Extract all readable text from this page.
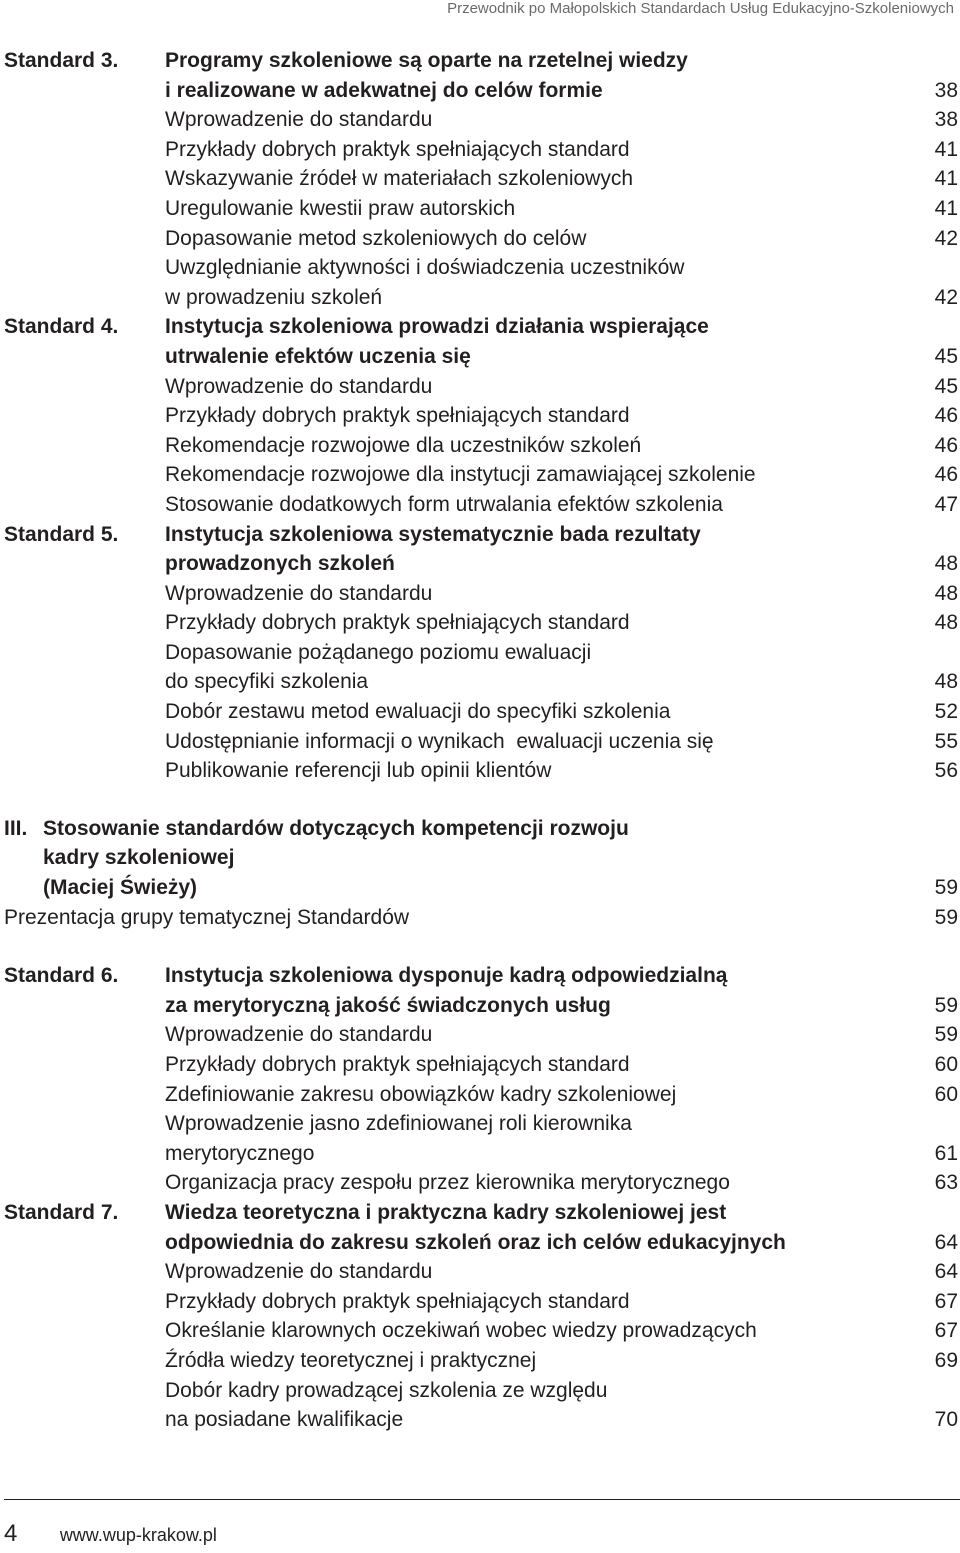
Przewodnik po Małopolskich Standardach Usług Edukacyjno-Szkoleniowych
Standard 3. Programy szkoleniowe są oparte na rzetelnej wiedzy
i realizowane w adekwatnej do celów formie	38
Wprowadzenie do standardu	38
Przykłady dobrych praktyk spełniających standard	41
Wskazywanie źródeł w materiałach szkoleniowych	41
Uregulowanie kwestii praw autorskich	41
Dopasowanie metod szkoleniowych do celów	42
Uwzględnianie aktywności i doświadczenia uczestników
w prowadzeniu szkoleń	42
Standard 4. Instytucja szkoleniowa prowadzi działania wspierające
utrwalenie efektów uczenia się	45
Wprowadzenie do standardu	45
Przykłady dobrych praktyk spełniających standard	46
Rekomendacje rozwojowe dla uczestników szkoleń	46
Rekomendacje rozwojowe dla instytucji zamawiającej szkolenie	46
Stosowanie dodatkowych form utrwalania efektów szkolenia	47
Standard 5. Instytucja szkoleniowa systematycznie bada rezultaty
prowadzonych szkoleń	48
Wprowadzenie do standardu	48
Przykłady dobrych praktyk spełniających standard	48
Dopasowanie pożądanego poziomu ewaluacji
do specyfiki szkolenia	48
Dobór zestawu metod ewaluacji do specyfiki szkolenia	52
Udostępnianie informacji o wynikach  ewaluacji uczenia się	55
Publikowanie referencji lub opinii klientów	56
III. Stosowanie standardów dotyczących kompetencji rozwoju
kadry szkoleniowej
(Maciej Świeży)	59
Prezentacja grupy tematycznej Standardów	59
Standard 6. Instytucja szkoleniowa dysponuje kadrą odpowiedzialną
za merytoryczną jakość świadczonych usług	59
Wprowadzenie do standardu	59
Przykłady dobrych praktyk spełniających standard	60
Zdefiniowanie zakresu obowiązków kadry szkoleniowej	60
Wprowadzenie jasno zdefiniowanej roli kierownika
merytorycznego	61
Organizacja pracy zespołu przez kierownika merytorycznego	63
Standard 7. Wiedza teoretyczna i praktyczna kadry szkoleniowej jest
odpowiednia do zakresu szkoleń oraz ich celów edukacyjnych	64
Wprowadzenie do standardu	64
Przykłady dobrych praktyk spełniających standard	67
Określanie klarownych oczekiwań wobec wiedzy prowadzących	67
Źródła wiedzy teoretycznej i praktycznej	69
Dobór kadry prowadzącej szkolenia ze względu
na posiadane kwalifikacje	70
4 www.wup-krakow.pl
